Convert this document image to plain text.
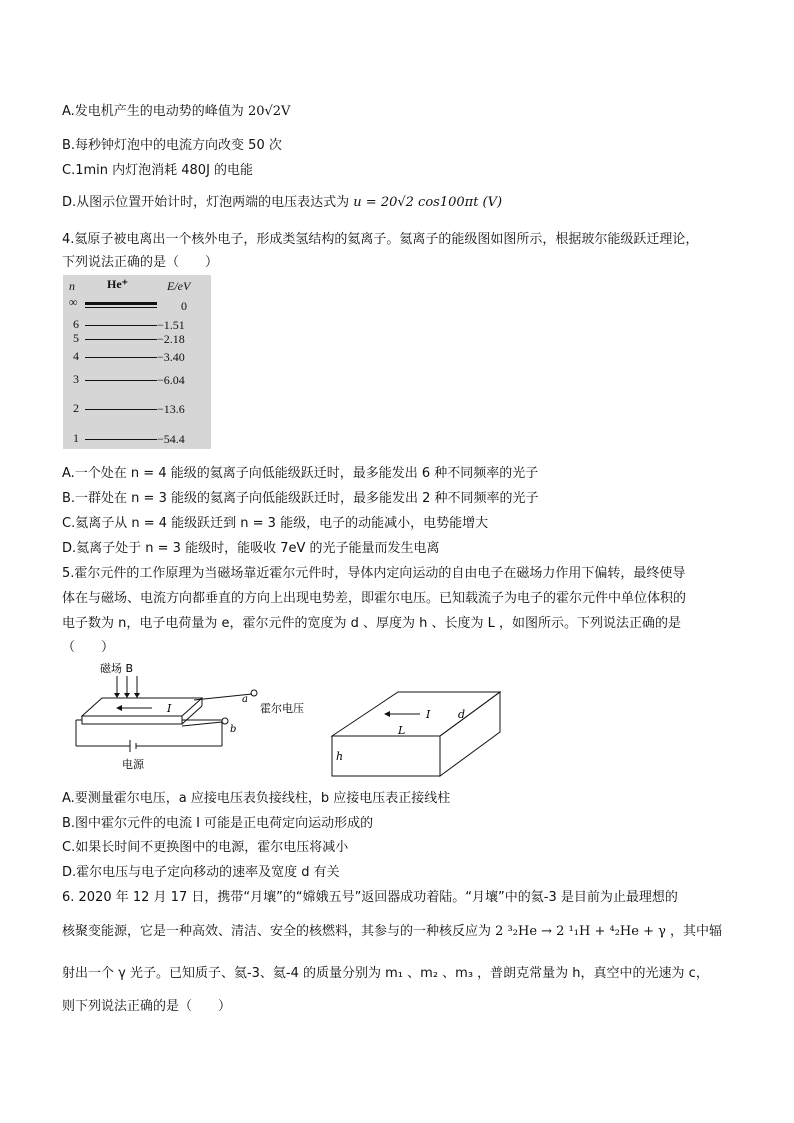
A.发电机产生的电动势的峰值为 20√2V
B.每秒钟灯泡中的电流方向改变 50 次
C.1min 内灯泡消耗 480J 的电能
D.从图示位置开始计时，灯泡两端的电压表达式为 u = 20√2 cos100πt (V)
4.氦原子被电离出一个核外电子，形成类氢结构的氦离子。氦离子的能级图如图所示，根据玻尔能级跃迁理论，
下列说法正确的是（　　）
n	He⁺	E/eV
∞	0
6	−1.51
5	−2.18
4	−3.40
3	−6.04
2	−13.6
1	−54.4
A.一个处在 n = 4 能级的氦离子向低能级跃迁时，最多能发出 6 种不同频率的光子
B.一群处在 n = 3 能级的氦离子向低能级跃迁时，最多能发出 2 种不同频率的光子
C.氦离子从 n = 4 能级跃迁到 n = 3 能级，电子的动能减小，电势能增大
D.氦离子处于 n = 3 能级时，能吸收 7eV 的光子能量而发生电离
5.霍尔元件的工作原理为当磁场靠近霍尔元件时，导体内定向运动的自由电子在磁场力作用下偏转，最终使导
体在与磁场、电流方向都垂直的方向上出现电势差，即霍尔电压。已知载流子为电子的霍尔元件中单位体积的
电子数为 n，电子电荷量为 e，霍尔元件的宽度为 d 、厚度为 h 、长度为 L ，如图所示。下列说法正确的是
（　　）
磁场 B
I
电源
a
b
霍尔电压	I
L
d
h
A.要测量霍尔电压，a 应接电压表负接线柱，b 应接电压表正接线柱
B.图中霍尔元件的电流 I 可能是正电荷定向运动形成的
C.如果长时间不更换图中的电源，霍尔电压将减小
D.霍尔电压与电子定向移动的速率及宽度 d 有关
6. 2020 年 12 月 17 日，携带“月壤”的“嫦娥五号”返回器成功着陆。“月壤”中的氦-3 是目前为止最理想的
核聚变能源，它是一种高效、清洁、安全的核燃料，其参与的一种核反应为 2 ³₂He → 2 ¹₁H + ⁴₂He + γ ，其中辐
射出一个 γ 光子。已知质子、氦-3、氦-4 的质量分别为 m₁ 、m₂ 、m₃ ，普朗克常量为 h，真空中的光速为 c，
则下列说法正确的是（　　）
